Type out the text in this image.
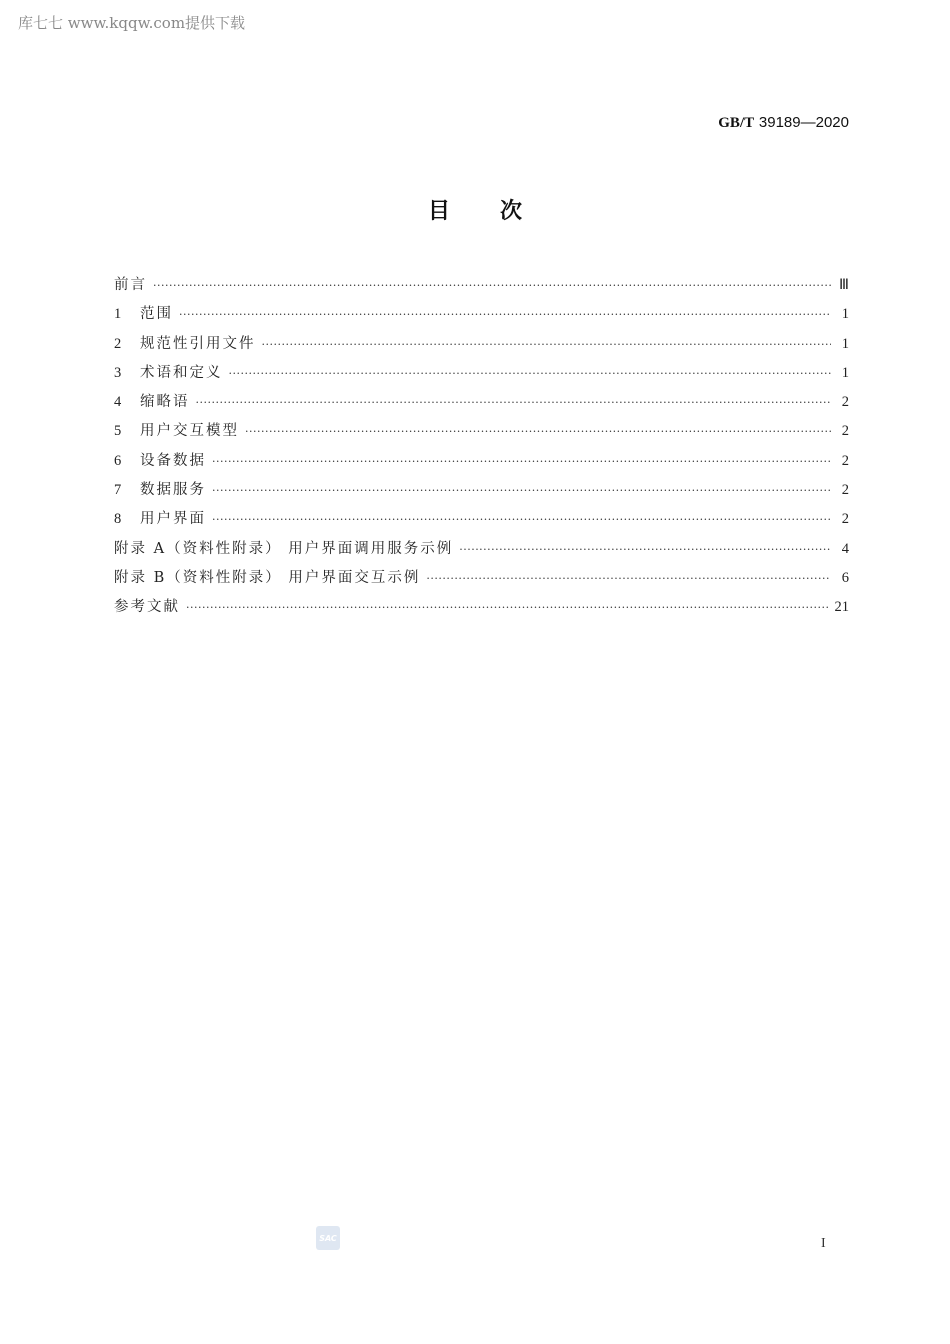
库七七 www.kqqw.com提供下载
GB/T 39189—2020
目 次
前言 ·····	Ⅲ
1	范围 ·····	1
2	规范性引用文件 ·····	1
3	术语和定义 ·····	1
4	缩略语 ·····	2
5	用户交互模型 ·····	2
6	设备数据 ·····	2
7	数据服务 ·····	2
8	用户界面 ·····	2
附录 A（资料性附录） 用户界面调用服务示例 ·····	4
附录 B（资料性附录） 用户界面交互示例 ·····	6
参考文献 ·····	21
SAC	I
